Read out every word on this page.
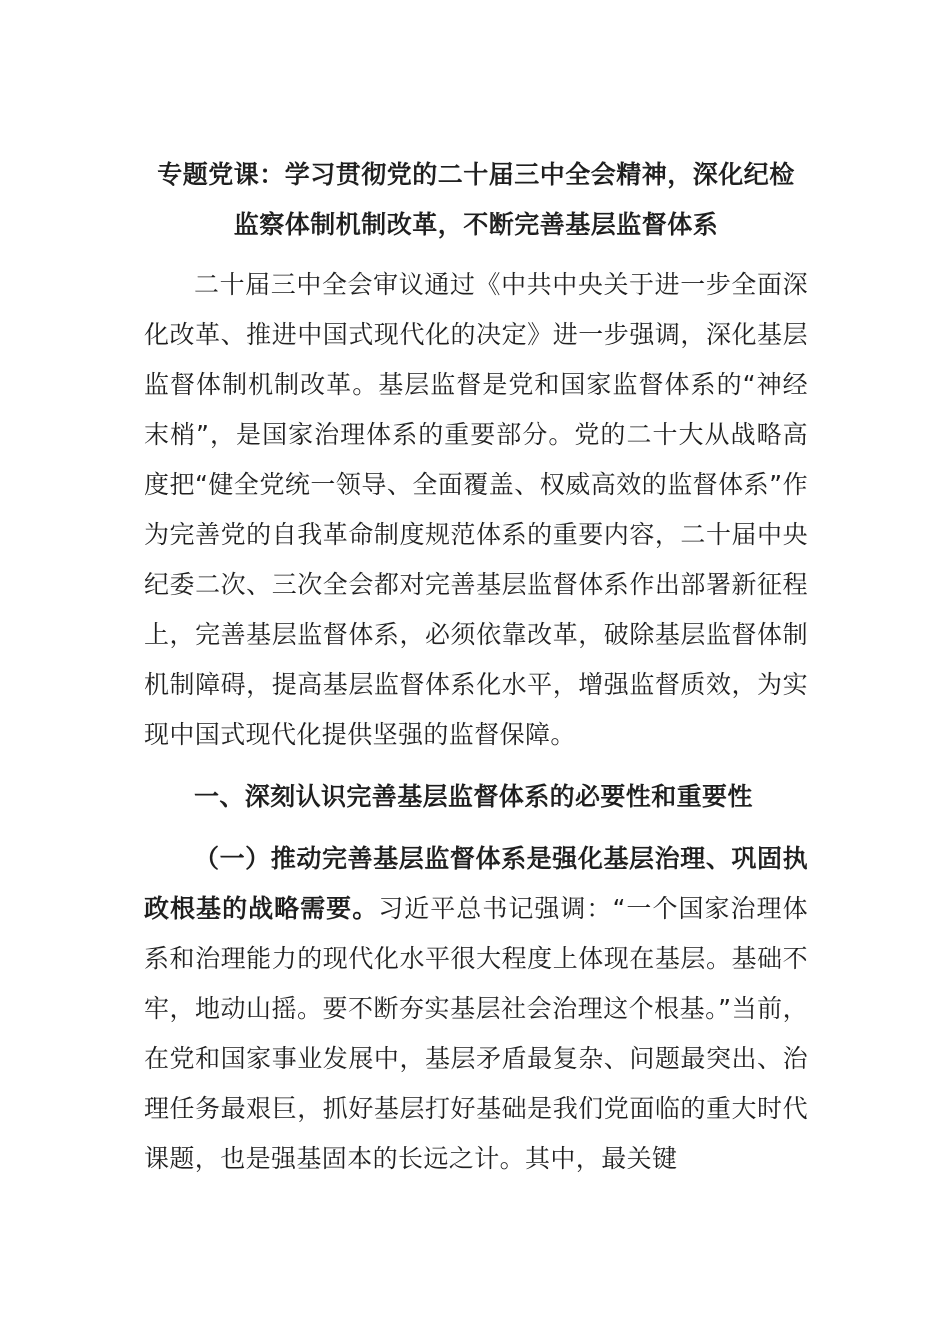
专题党课：学习贯彻党的二十届三中全会精神，深化纪检
监察体制机制改革，不断完善基层监督体系

二十届三中全会审议通过《中共中央关于进一步全面深化改革、推进中国式现代化的决定》进一步强调，深化基层监督体制机制改革。基层监督是党和国家监督体系的“神经末梢”，是国家治理体系的重要部分。党的二十大从战略高度把“健全党统一领导、全面覆盖、权威高效的监督体系”作为完善党的自我革命制度规范体系的重要内容，二十届中央纪委二次、三次全会都对完善基层监督体系作出部署新征程上，完善基层监督体系，必须依靠改革，破除基层监督体制机制障碍，提高基层监督体系化水平，增强监督质效，为实现中国式现代化提供坚强的监督保障。

一、深刻认识完善基层监督体系的必要性和重要性

（一）推动完善基层监督体系是强化基层治理、巩固执政根基的战略需要。习近平总书记强调：“一个国家治理体系和治理能力的现代化水平很大程度上体现在基层。基础不牢，地动山摇。要不断夯实基层社会治理这个根基。”当前，在党和国家事业发展中，基层矛盾最复杂、问题最突出、治理任务最艰巨，抓好基层打好基础是我们党面临的重大时代课题，也是强基固本的长远之计。其中，最关键
